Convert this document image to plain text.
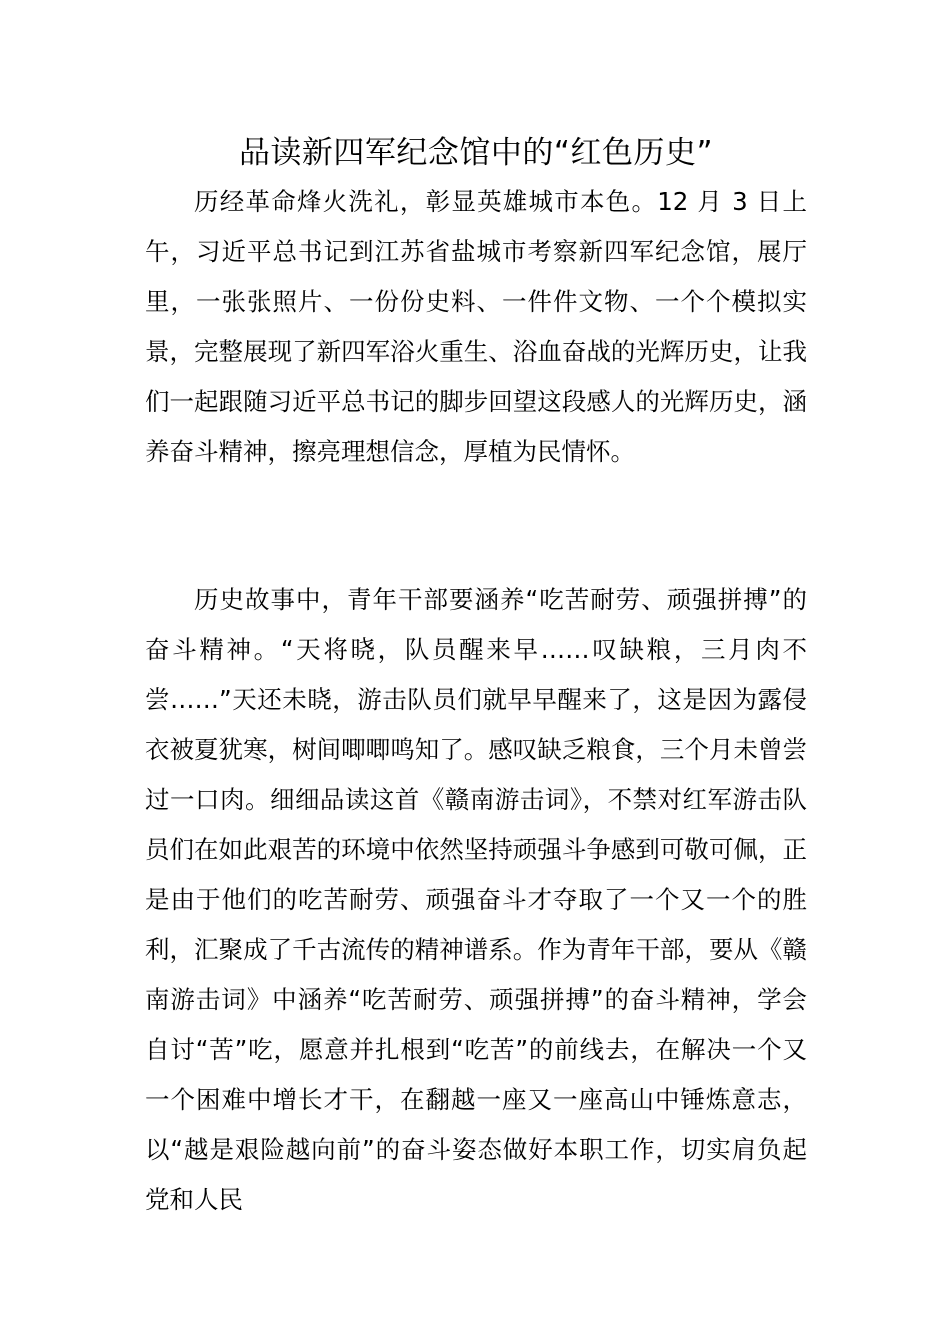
品读新四军纪念馆中的“红色历史”

历经革命烽火洗礼，彰显英雄城市本色。12 月 3 日上午，习近平总书记到江苏省盐城市考察新四军纪念馆，展厅里，一张张照片、一份份史料、一件件文物、一个个模拟实景，完整展现了新四军浴火重生、浴血奋战的光辉历史，让我们一起跟随习近平总书记的脚步回望这段感人的光辉历史，涵养奋斗精神，擦亮理想信念，厚植为民情怀。

历史故事中，青年干部要涵养“吃苦耐劳、顽强拼搏”的奋斗精神。“天将晓，队员醒来早……叹缺粮，三月肉不尝……”天还未晓，游击队员们就早早醒来了，这是因为露侵衣被夏犹寒，树间唧唧鸣知了。感叹缺乏粮食，三个月未曾尝过一口肉。细细品读这首《赣南游击词》，不禁对红军游击队员们在如此艰苦的环境中依然坚持顽强斗争感到可敬可佩，正是由于他们的吃苦耐劳、顽强奋斗才夺取了一个又一个的胜利，汇聚成了千古流传的精神谱系。作为青年干部，要从《赣南游击词》中涵养“吃苦耐劳、顽强拼搏”的奋斗精神，学会自讨“苦”吃，愿意并扎根到“吃苦”的前线去，在解决一个又一个困难中增长才干，在翻越一座又一座高山中锤炼意志，以“越是艰险越向前”的奋斗姿态做好本职工作，切实肩负起党和人民
